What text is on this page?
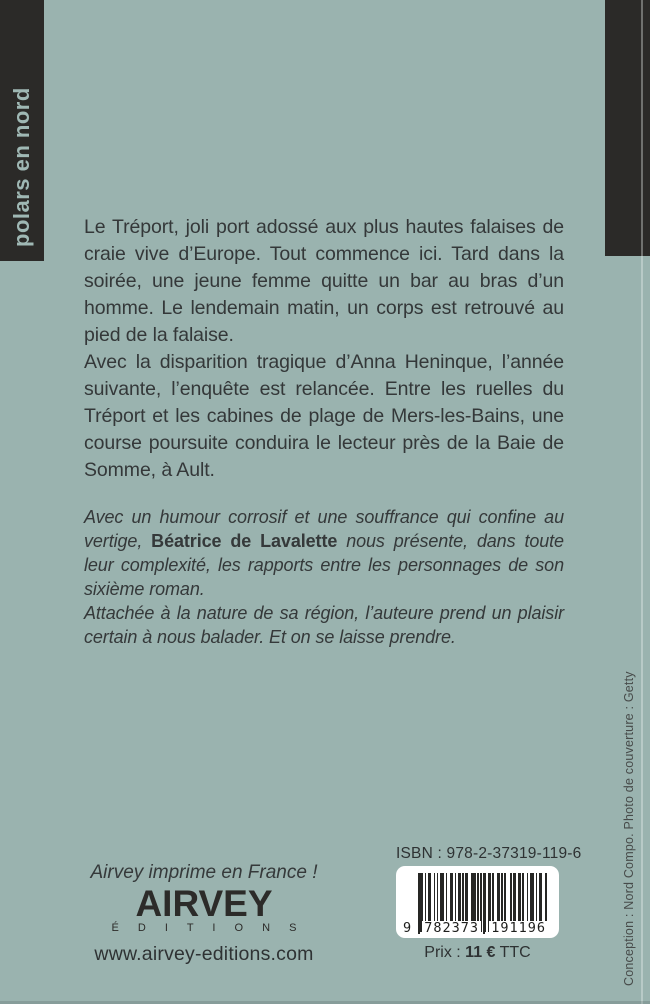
polars en nord	Le Tréport, joli port adossé aux plus hautes falaises de craie vive d’Europe. Tout commence ici. Tard dans la soirée, une jeune femme quitte un bar au bras d’un homme. Le lendemain matin, un corps est retrouvé au pied de la falaise.

Avec la disparition tragique d’Anna Heninque, l’année suivante, l’enquête est relancée. Entre les ruelles du Tréport et les cabines de plage de Mers-les-Bains, une course poursuite conduira le lecteur près de la Baie de Somme, à Ault.

Avec un humour corrosif et une souffrance qui confine au vertige, Béatrice de Lavalette nous présente, dans toute leur complexité, les rapports entre les personnages de son sixième roman.

Attachée à la nature de sa région, l’auteure prend un plaisir certain à nous balader. Et on se laisse prendre.

Airvey imprime en France !
AIRVEY
É D I T I O N S
www.airvey-editions.com
ISBN : 978-2-37319-119-6
9 782373 191196
Prix : 11 € TTC	Conception : Nord Compo. Photo de couverture : Getty
